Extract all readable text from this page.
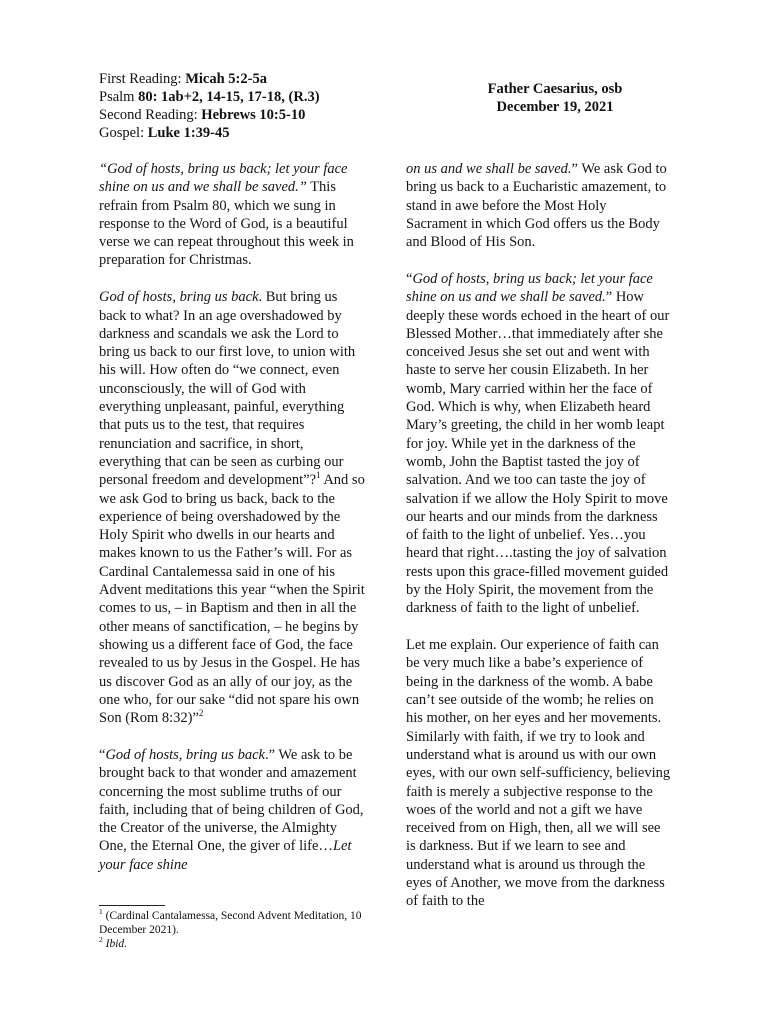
First Reading: Micah 5:2-5a
Psalm 80: 1ab+2, 14-15, 17-18, (R.3)
Second Reading: Hebrews 10:5-10
Gospel: Luke 1:39-45
Father Caesarius, osb
December 19, 2021

“God of hosts, bring us back; let your face shine on us and we shall be saved.” This refrain from Psalm 80, which we sung in response to the Word of God, is a beautiful verse we can repeat throughout this week in preparation for Christmas.

God of hosts, bring us back. But bring us back to what? In an age overshadowed by darkness and scandals we ask the Lord to bring us back to our first love, to union with his will. How often do “we connect, even unconsciously, the will of God with everything unpleasant, painful, everything that puts us to the test, that requires renunciation and sacrifice, in short, everything that can be seen as curbing our personal freedom and development”?$^1$ And so we ask God to bring us back, back to the experience of being overshadowed by the Holy Spirit who dwells in our hearts and makes known to us the Father’s will. For as Cardinal Cantalemessa said in one of his Advent meditations this year “when the Spirit comes to us, – in Baptism and then in all the other means of sanctification, – he begins by showing us a different face of God, the face revealed to us by Jesus in the Gospel. He has us discover God as an ally of our joy, as the one who, for our sake “did not spare his own Son (Rom 8:32)”$^2$

“God of hosts, bring us back.” We ask to be brought back to that wonder and amazement concerning the most sublime truths of our faith, including that of being children of God, the Creator of the universe, the Almighty One, the Eternal One, the giver of life…Let your face shine

on us and we shall be saved.” We ask God to bring us back to a Eucharistic amazement, to stand in awe before the Most Holy Sacrament in which God offers us the Body and Blood of His Son.

“God of hosts, bring us back; let your face shine on us and we shall be saved.” How deeply these words echoed in the heart of our Blessed Mother…that immediately after she conceived Jesus she set out and went with haste to serve her cousin Elizabeth. In her womb, Mary carried within her the face of God. Which is why, when Elizabeth heard Mary’s greeting, the child in her womb leapt for joy. While yet in the darkness of the womb, John the Baptist tasted the joy of salvation. And we too can taste the joy of salvation if we allow the Holy Spirit to move our hearts and our minds from the darkness of faith to the light of unbelief. Yes…you heard that right….tasting the joy of salvation rests upon this grace-filled movement guided by the Holy Spirit, the movement from the darkness of faith to the light of unbelief.

Let me explain. Our experience of faith can be very much like a babe’s experience of being in the darkness of the womb. A babe can’t see outside of the womb; he relies on his mother, on her eyes and her movements. Similarly with faith, if we try to look and understand what is around us with our own eyes, with our own self-sufficiency, believing faith is merely a subjective response to the woes of the world and not a gift we have received from on High, then, all we will see is darkness. But if we learn to see and understand what is around us through the eyes of Another, we move from the darkness of faith to the

$^1$ (Cardinal Cantalamessa, Second Advent Meditation, 10 December 2021).
$^2$ Ibid.
